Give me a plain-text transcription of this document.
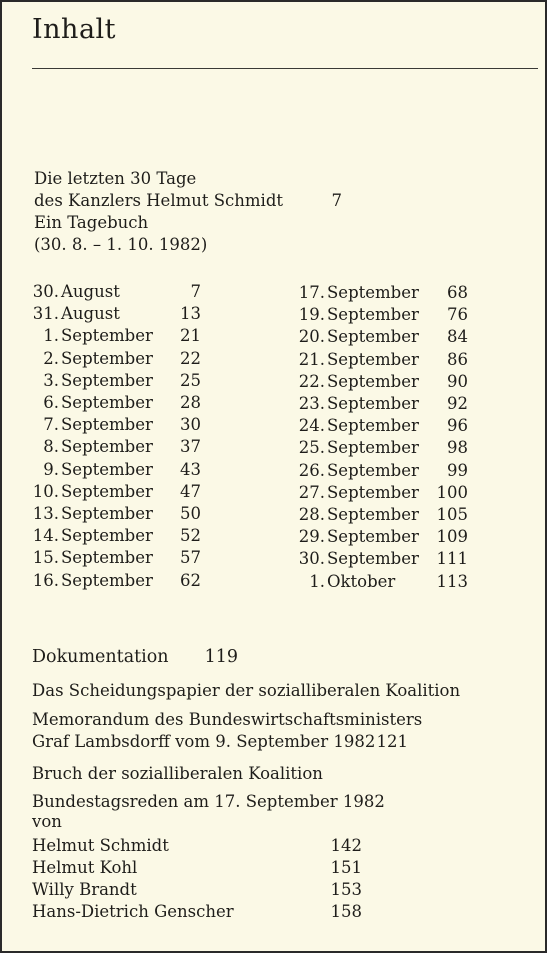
Inhalt
Die letzten 30 Tage
des Kanzlers Helmut Schmidt	7
Ein Tagebuch
(30. 8. – 1. 10. 1982)
30. August	7
31. August	13
1. September	21
2. September	22
3. September	25
6. September	28
7. September	30
8. September	37
9. September	43
10. September	47
13. September	50
14. September	52
15. September	57
16. September	62
17. September	68
19. September	76
20. September	84
21. September	86
22. September	90
23. September	92
24. September	96
25. September	98
26. September	99
27. September	100
28. September	105
29. September	109
30. September	111
1. Oktober	113
Dokumentation	119
Das Scheidungspapier der sozialliberalen Koalition
Memorandum des Bundeswirtschaftsministers
Graf Lambsdorff vom 9. September 1982 121
Bruch der sozialliberalen Koalition
Bundestagsreden am 17. September 1982
von
Helmut Schmidt	142
Helmut Kohl	151
Willy Brandt	153
Hans-Dietrich Genscher	158
